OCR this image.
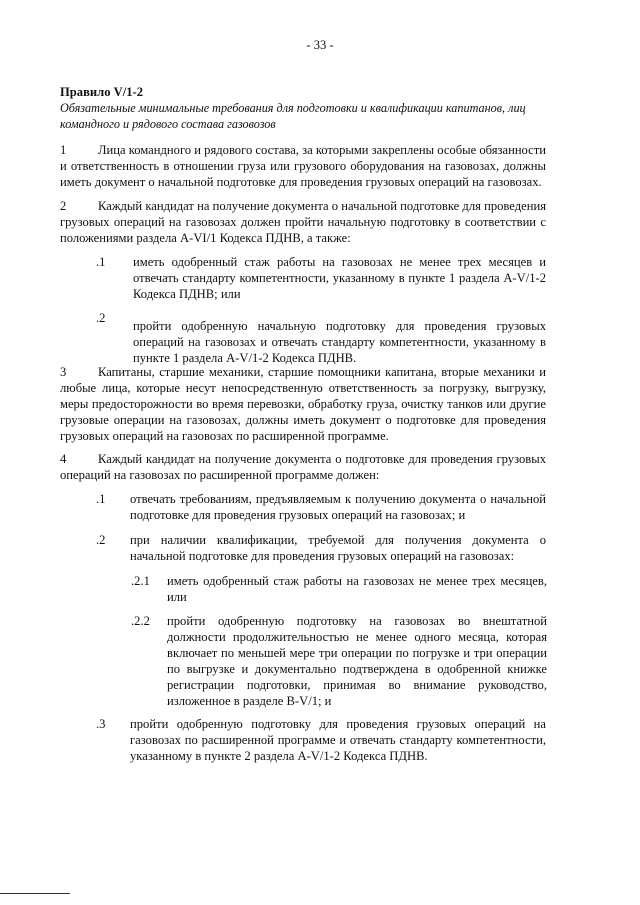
- 33 -
Правило V/1-2
Обязательные минимальные требования для подготовки и квалификации капитанов, лиц командного и рядового состава газовозов
1	Лица командного и рядового состава, за которыми закреплены особые обязанности и ответственность в отношении груза или грузового оборудования на газовозах, должны иметь документ о начальной подготовке для проведения грузовых операций на газовозах.
2	Каждый кандидат на получение документа о начальной подготовке для проведения грузовых операций на газовозах должен пройти начальную подготовку в соответствии с положениями раздела A-VI/1 Кодекса ПДНВ, а также:
.1 иметь одобренный стаж работы на газовозах не менее трех месяцев и отвечать стандарту компетентности, указанному в пункте 1 раздела A-V/1-2 Кодекса ПДНВ; или
.2
пройти одобренную начальную подготовку для проведения грузовых операций на газовозах и отвечать стандарту компетентности, указанному в пункте 1 раздела A-V/1-2 Кодекса ПДНВ.
3	Капитаны, старшие механики, старшие помощники капитана, вторые механики и любые лица, которые несут непосредственную ответственность за погрузку, выгрузку, меры предосторожности во время перевозки, обработку груза, очистку танков или другие грузовые операции на газовозах, должны иметь документ о подготовке для проведения грузовых операций на газовозах по расширенной программе.
4	Каждый кандидат на получение документа о подготовке для проведения грузовых операций на газовозах по расширенной программе должен:
.1 отвечать требованиям, предъявляемым к получению документа о начальной подготовке для проведения грузовых операций на газовозах; и
.2 при наличии квалификации, требуемой для получения документа о начальной подготовке для проведения грузовых операций на газовозах:
.2.1 иметь одобренный стаж работы на газовозах не менее трех месяцев, или
.2.2 пройти одобренную подготовку на газовозах во внештатной должности продолжительностью не менее одного месяца, которая включает по меньшей мере три операции по погрузке и три операции по выгрузке и документально подтверждена в одобренной книжке регистрации подготовки, принимая во внимание руководство, изложенное в разделе B-V/1; и
.3 пройти одобренную подготовку для проведения грузовых операций на газовозах по расширенной программе и отвечать стандарту компетентности, указанному в пункте 2 раздела A-V/1-2 Кодекса ПДНВ.
